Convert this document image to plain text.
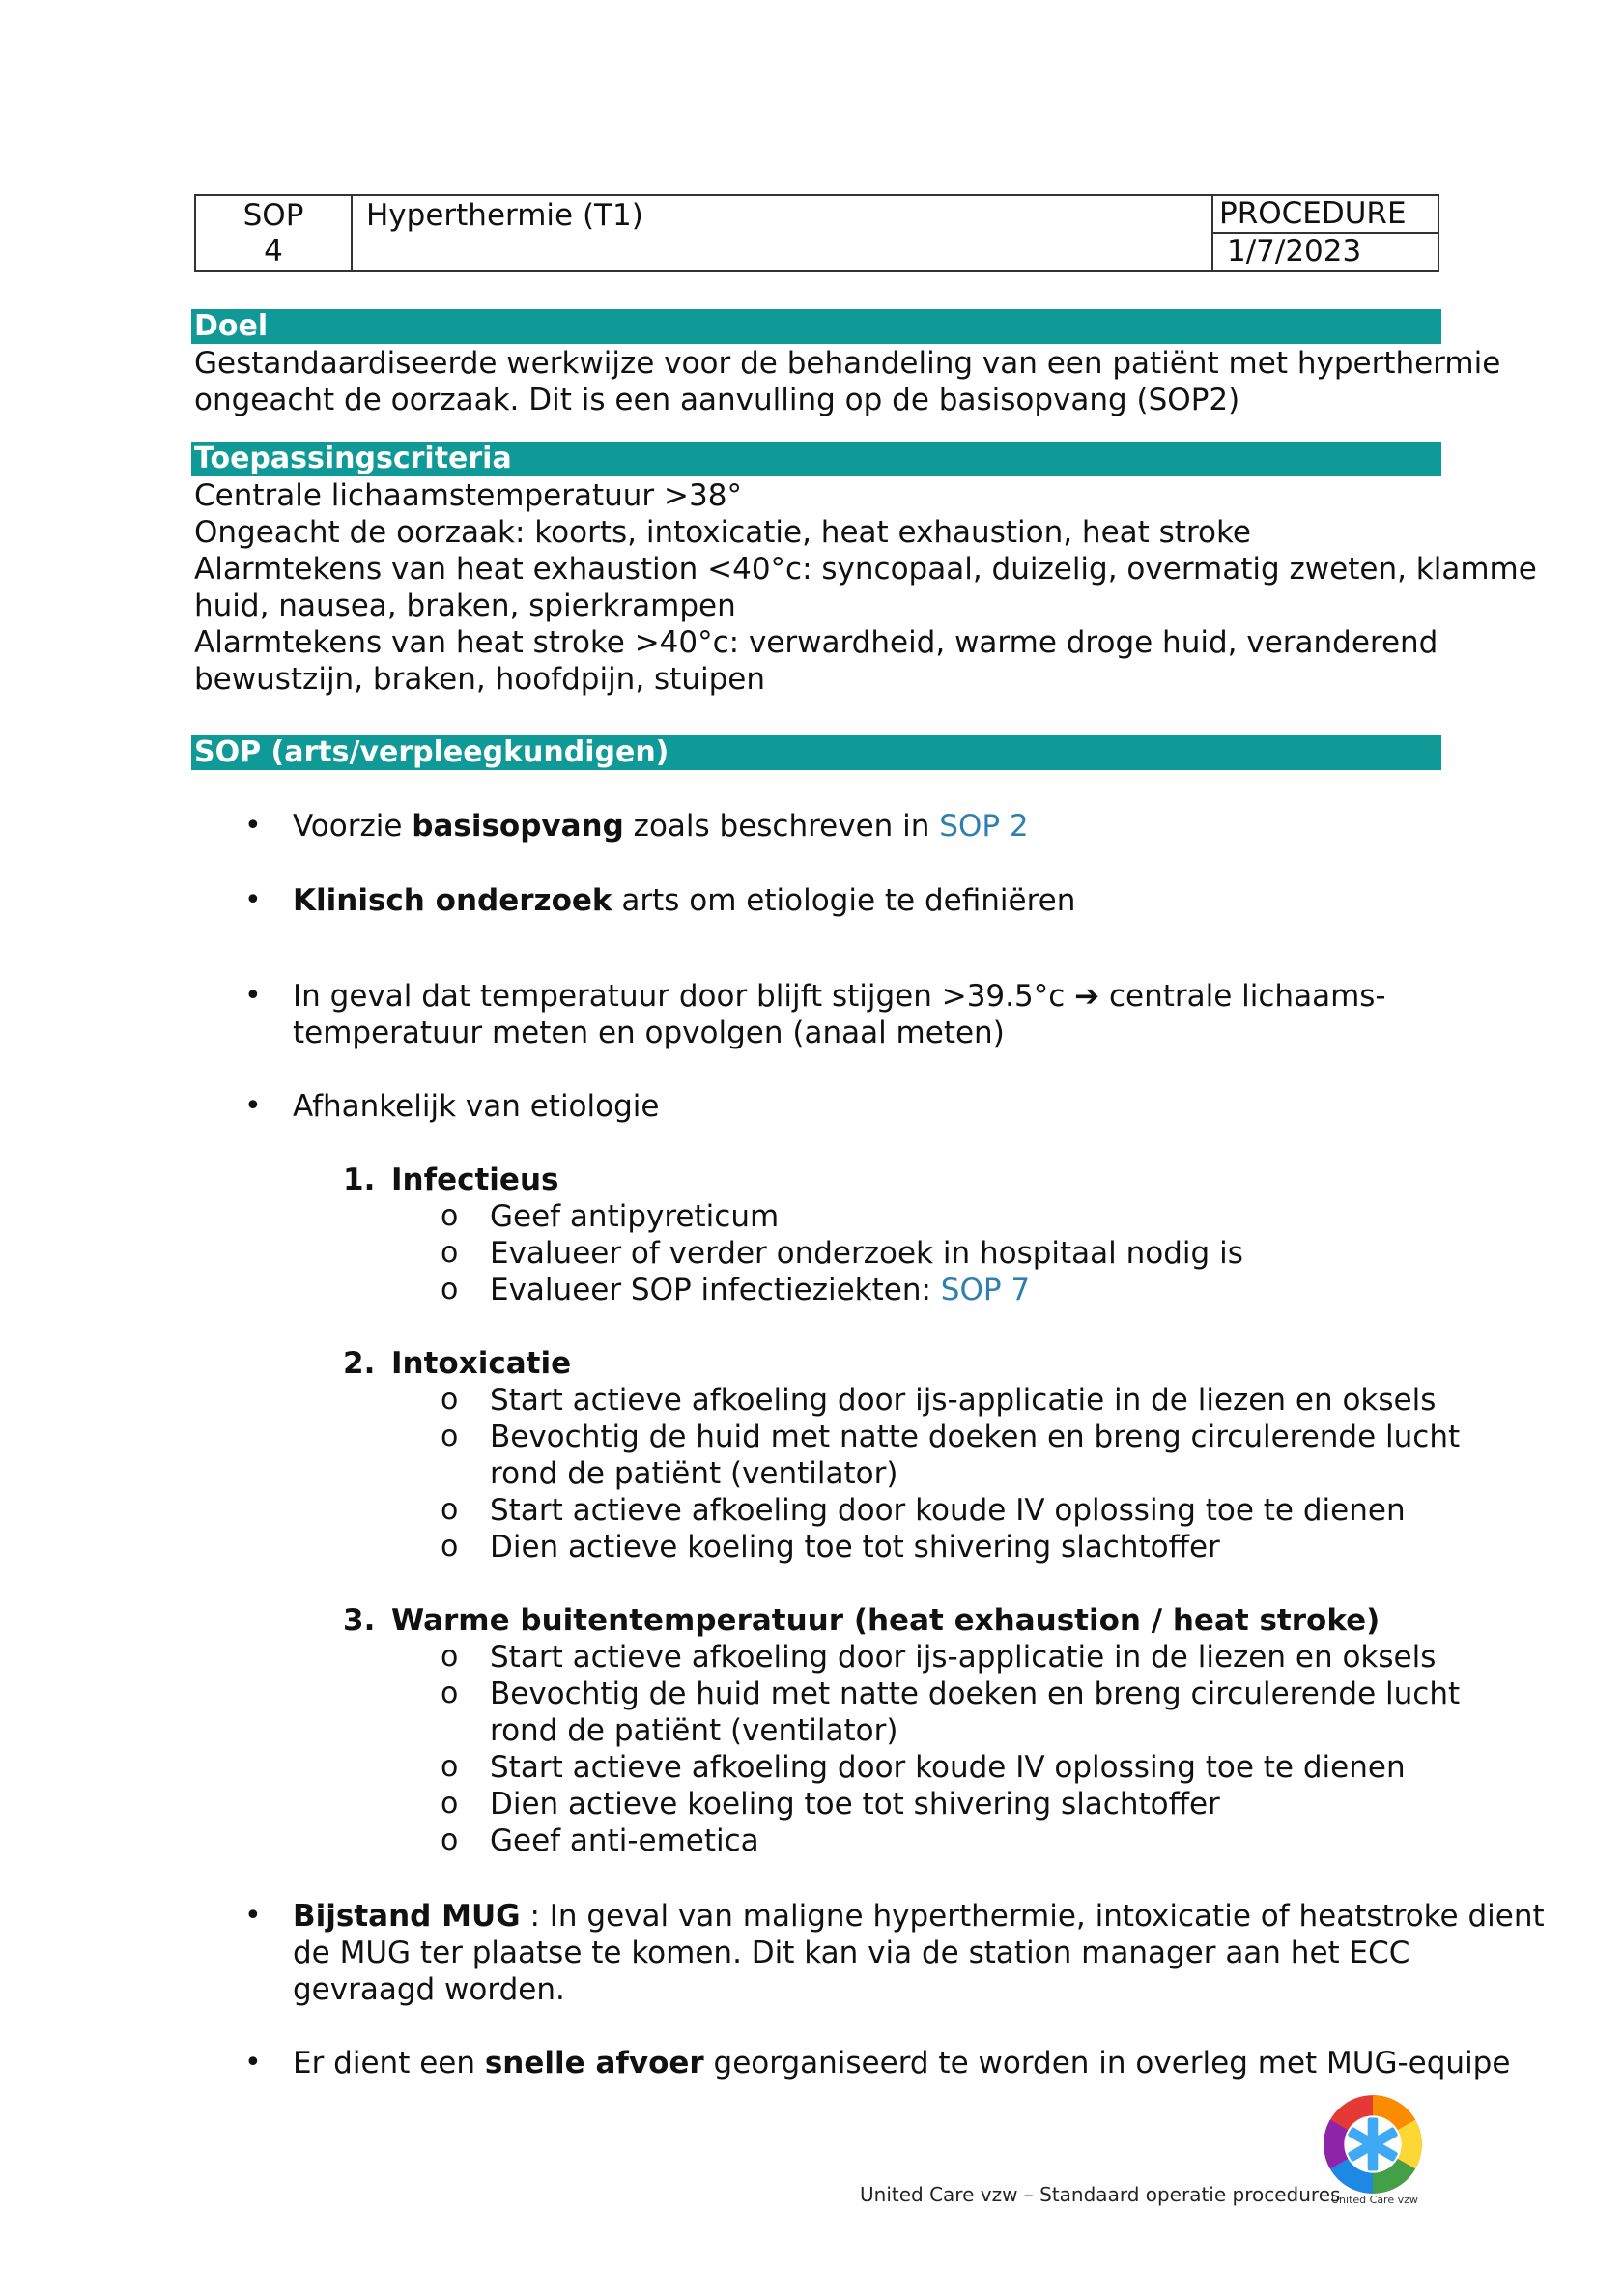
SOP
4	Hyperthermie (T1)	PROCEDURE
1/7/2023
Doel
Gestandaardiseerde werkwijze voor de behandeling van een patiënt met hyperthermie
ongeacht de oorzaak. Dit is een aanvulling op de basisopvang (SOP2)
Toepassingscriteria
Centrale lichaamstemperatuur >38°
Ongeacht de oorzaak: koorts, intoxicatie, heat exhaustion, heat stroke
Alarmtekens van heat exhaustion <40°c: syncopaal, duizelig, overmatig zweten, klamme
huid, nausea, braken, spierkrampen
Alarmtekens van heat stroke >40°c: verwardheid, warme droge huid, veranderend
bewustzijn, braken, hoofdpijn, stuipen
SOP (arts/verpleegkundigen)
•
Voorzie basisopvang zoals beschreven in SOP 2
•
Klinisch onderzoek arts om etiologie te definiëren
•
In geval dat temperatuur door blijft stijgen >39.5°c ➔ centrale lichaams-
temperatuur meten en opvolgen (anaal meten)
•
Afhankelijk van etiologie
1. Infectieus
o Geef antipyreticum
o Evalueer of verder onderzoek in hospitaal nodig is
o Evalueer SOP infectieziekten: SOP 7
2. Intoxicatie
o Start actieve afkoeling door ijs-applicatie in de liezen en oksels
o Bevochtig de huid met natte doeken en breng circulerende lucht
rond de patiënt (ventilator)
o Start actieve afkoeling door koude IV oplossing toe te dienen
o Dien actieve koeling toe tot shivering slachtoffer
3. Warme buitentemperatuur (heat exhaustion / heat stroke)
o Start actieve afkoeling door ijs-applicatie in de liezen en oksels
o Bevochtig de huid met natte doeken en breng circulerende lucht
rond de patiënt (ventilator)
o Start actieve afkoeling door koude IV oplossing toe te dienen
o Dien actieve koeling toe tot shivering slachtoffer
o Geef anti-emetica
•
Bijstand MUG : In geval van maligne hyperthermie, intoxicatie of heatstroke dient
de MUG ter plaatse te komen. Dit kan via de station manager aan het ECC
gevraagd worden.
•
Er dient een snelle afvoer georganiseerd te worden in overleg met MUG-equipe
United Care vzw
United Care vzw – Standaard operatie procedures
